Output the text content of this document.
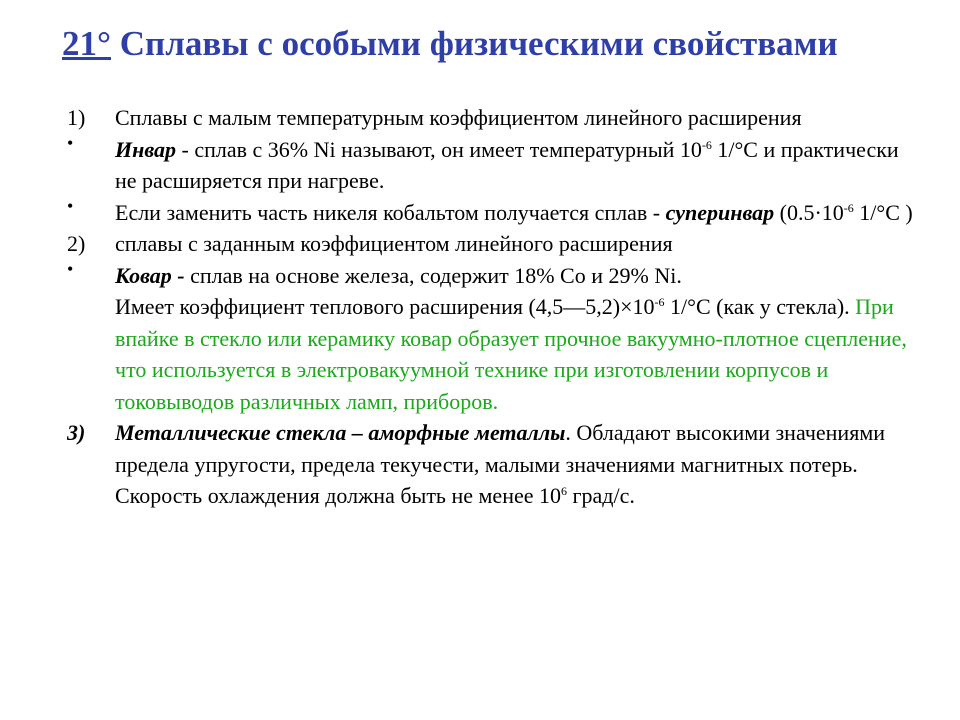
21° Сплавы с особыми физическими свойствами
1) Сплавы с малым температурным коэффициентом линейного расширения
• Инвар - сплав с 36% Ni называют, он имеет температурный $10^{-6}$ 1/°С и практически не расширяется при нагреве.
• Если заменить часть никеля кобальтом получается сплав - суперинвар ($0.5\cdot 10^{-6}$ 1/°С )
2) сплавы с заданным коэффициентом линейного расширения
• Ковар - сплав на основе железа, содержит 18% Co и 29% Ni.
Имеет коэффициент теплового расширения $(4,5—5,2)\times 10^{-6}$ 1/°С (как у стекла). При впайке в стекло или керамику ковар образует прочное вакуумно-плотное сцепление, что используется в электровакуумной технике при изготовлении корпусов и токовыводов различных ламп, приборов.
3) Металлические стекла – аморфные металлы. Обладают высокими значениями предела упругости, предела текучести, малыми значениями магнитных потерь.
Скорость охлаждения должна быть не менее $10^6$ град/с.
